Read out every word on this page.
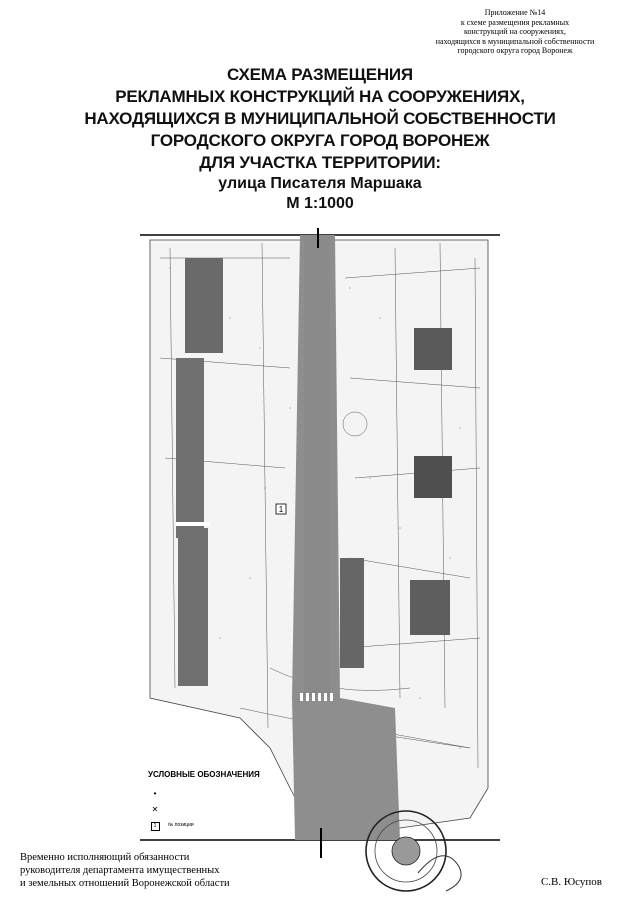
Приложение №14
к схеме размещения рекламных
конструкций на сооружениях,
находящихся в муниципальной собственности
городского округа город Воронеж
СХЕМА РАЗМЕЩЕНИЯ
РЕКЛАМНЫХ КОНСТРУКЦИЙ НА СООРУЖЕНИЯХ,
НАХОДЯЩИХСЯ В МУНИЦИПАЛЬНОЙ СОБСТВЕННОСТИ
ГОРОДСКОГО ОКРУГА ГОРОД ВОРОНЕЖ
ДЛЯ УЧАСТКА ТЕРРИТОРИИ:
улица Писателя Маршака
М 1:1000
1
УСЛОВНЫЕ ОБОЗНАЧЕНИЯ
•
✕
1	№ позиции
Временно исполняющий обязанности
руководителя департамента имущественных
и земельных отношений Воронежской области	С.В. Юсупов
